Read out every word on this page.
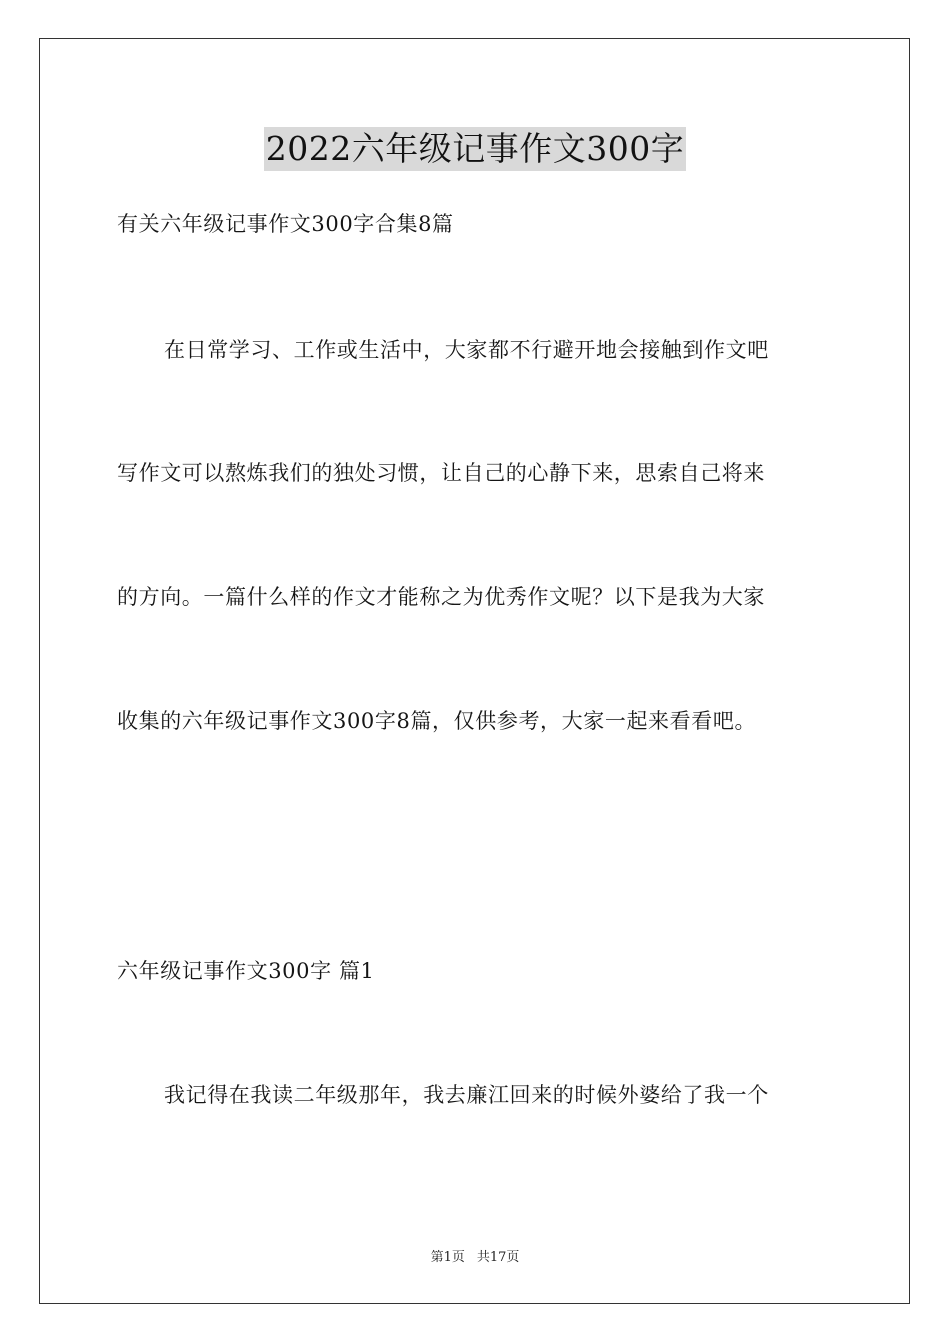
2022六年级记事作文300字
有关六年级记事作文300字合集8篇
在日常学习、工作或生活中，大家都不行避开地会接触到作文吧
写作文可以熬炼我们的独处习惯，让自己的心静下来，思索自己将来
的方向。一篇什么样的作文才能称之为优秀作文呢？以下是我为大家
收集的六年级记事作文300字8篇，仅供参考，大家一起来看看吧。
六年级记事作文300字 篇1
我记得在我读二年级那年，我去廉江回来的时候外婆给了我一个
第1页 共17页
